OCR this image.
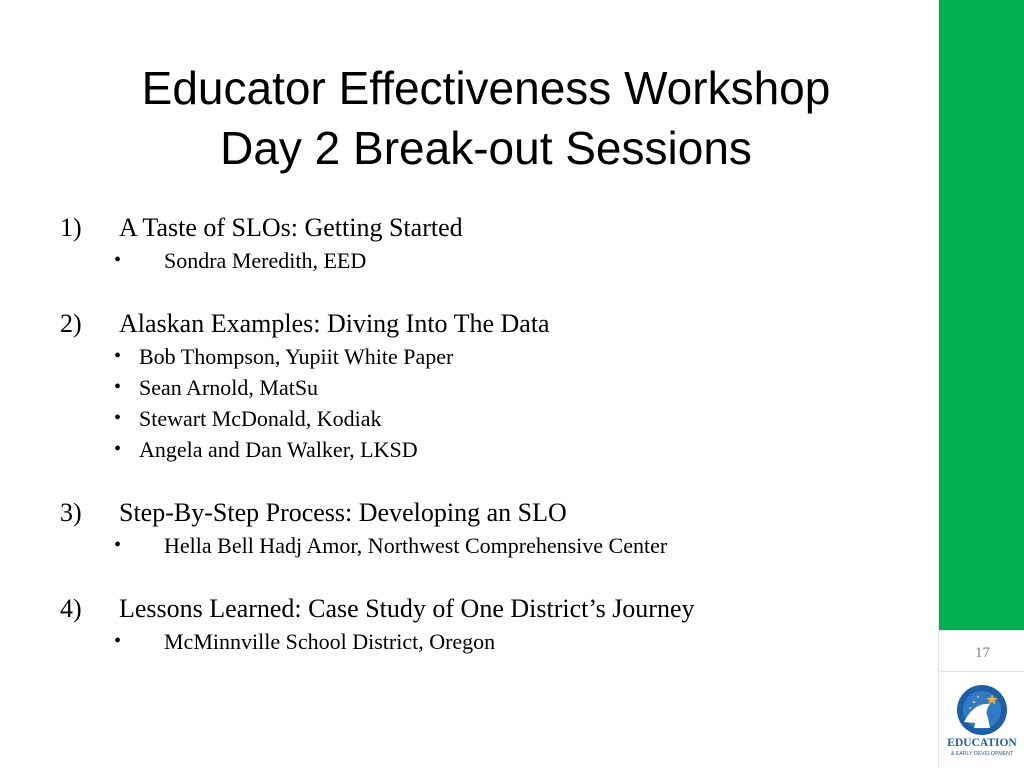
Educator Effectiveness Workshop
Day 2 Break-out Sessions
1) A Taste of SLOs: Getting Started
• Sondra Meredith, EED
2) Alaskan Examples: Diving Into The Data
• Bob Thompson, Yupiit White Paper
• Sean Arnold, MatSu
• Stewart McDonald, Kodiak
• Angela and Dan Walker, LKSD
3) Step-By-Step Process: Developing an SLO
• Hella Bell Hadj Amor, Northwest Comprehensive Center
4) Lessons Learned: Case Study of One District’s Journey
• McMinnville School District, Oregon	17
EDUCATION
& EARLY DEVELOPMENT
